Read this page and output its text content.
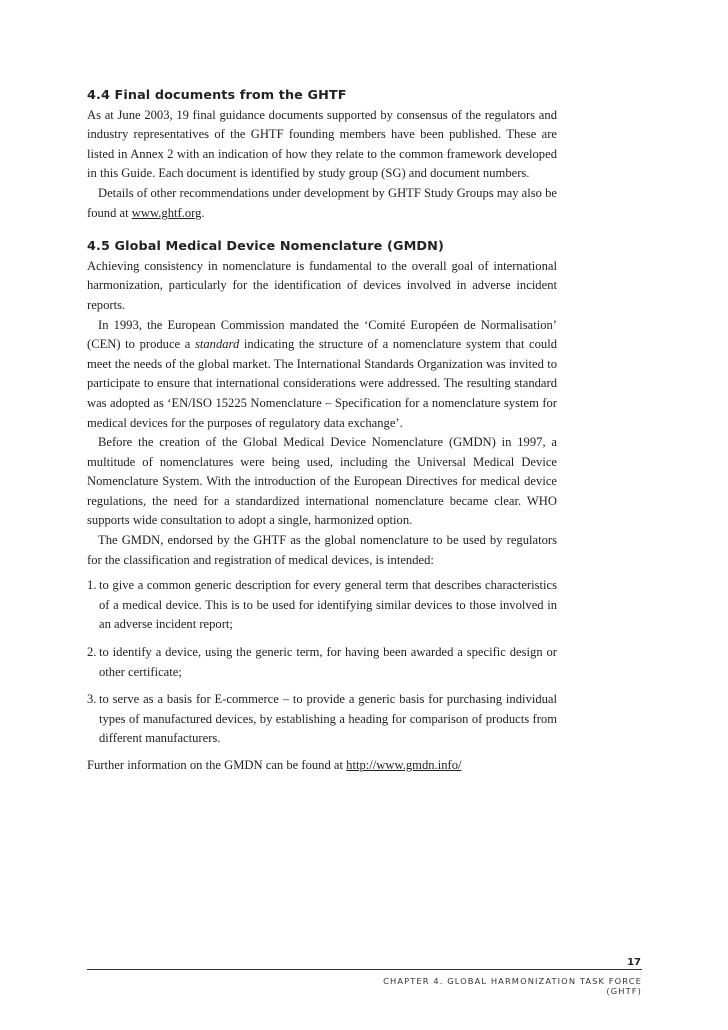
4.4 Final documents from the GHTF

As at June 2003, 19 final guidance documents supported by consensus of the regulators and industry representatives of the GHTF founding members have been published. These are listed in Annex 2 with an indication of how they relate to the common framework developed in this Guide. Each document is identified by study group (SG) and document numbers.

Details of other recommendations under development by GHTF Study Groups may also be found at www.ghtf.org.

4.5 Global Medical Device Nomenclature (GMDN)

Achieving consistency in nomenclature is fundamental to the overall goal of international harmonization, particularly for the identification of devices involved in adverse incident reports.

In 1993, the European Commission mandated the ‘Comité Européen de Normalisation’ (CEN) to produce a standard indicating the structure of a nomenclature system that could meet the needs of the global market. The International Standards Organization was invited to participate to ensure that international considerations were addressed. The resulting standard was adopted as ‘EN/ISO 15225 Nomenclature – Specification for a nomenclature system for medical devices for the purposes of regulatory data exchange’.

Before the creation of the Global Medical Device Nomenclature (GMDN) in 1997, a multitude of nomenclatures were being used, including the Universal Medical Device Nomenclature System. With the introduction of the European Directives for medical device regulations, the need for a standardized international nomenclature became clear. WHO supports wide consultation to adopt a single, harmonized option.

The GMDN, endorsed by the GHTF as the global nomenclature to be used by regulators for the classification and registration of medical devices, is intended:

1. to give a common generic description for every general term that describes characteristics of a medical device. This is to be used for identifying similar devices to those involved in an adverse incident report;
2. to identify a device, using the generic term, for having been awarded a specific design or other certificate;
3. to serve as a basis for E-commerce – to provide a generic basis for purchasing individual types of manufactured devices, by establishing a heading for comparison of products from different manufacturers.

Further information on the GMDN can be found at http://www.gmdn.info/

17
CHAPTER 4. GLOBAL HARMONIZATION TASK FORCE (GHTF)
